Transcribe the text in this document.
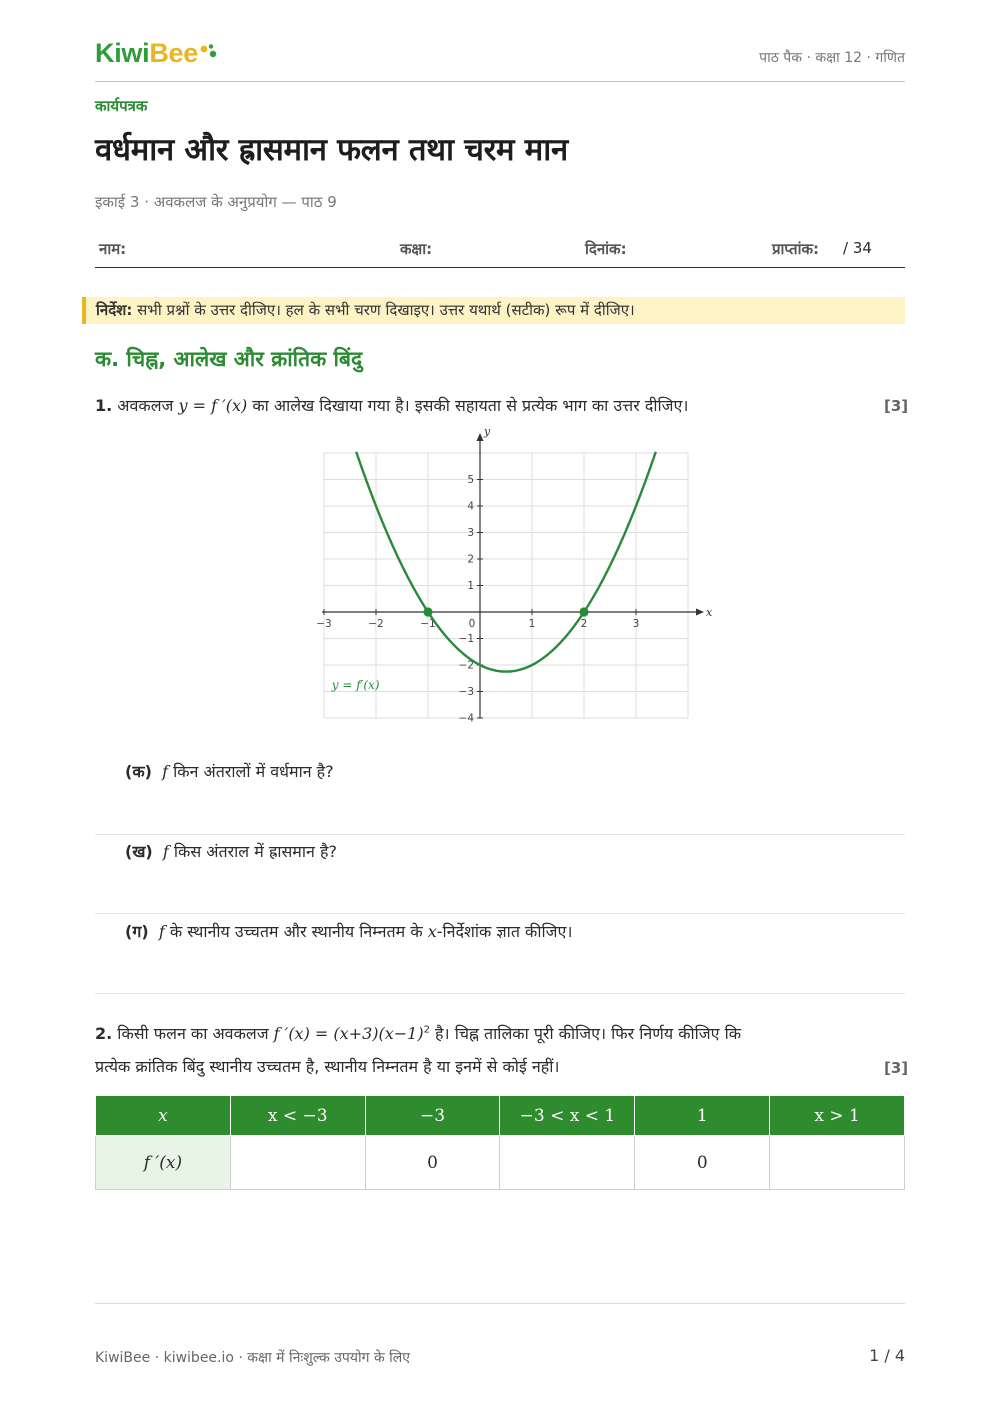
KiwiBee	पाठ पैक · कक्षा 12 · गणित
कार्यपत्रक
वर्धमान और ह्रासमान फलन तथा चरम मान
इकाई 3 · अवकलज के अनुप्रयोग — पाठ 9
नाम:	कक्षा:	दिनांक:	प्राप्तांक: / 34
निर्देश: सभी प्रश्नों के उत्तर दीजिए। हल के सभी चरण दिखाइए। उत्तर यथार्थ (सटीक) रूप में दीजिए।
क. चिह्न, आलेख और क्रांतिक बिंदु
1. अवकलज y = f ′(x) का आलेख दिखाया गया है। इसकी सहायता से प्रत्येक भाग का उत्तर दीजिए।	[3]
−3	−2	−1	0	1	2	3
5
4
3
2
1
−1
−2
−3
−4
x
y
y = f′(x)
(क) f किन अंतरालों में वर्धमान है?
(ख) f किस अंतराल में ह्रासमान है?
(ग) f के स्थानीय उच्चतम और स्थानीय निम्नतम के x-निर्देशांक ज्ञात कीजिए।
2. किसी फलन का अवकलज f $'(x) = (x+3)(x-1)^2$ है। चिह्न तालिका पूरी कीजिए। फिर निर्णय कीजिए कि
प्रत्येक क्रांतिक बिंदु स्थानीय उच्चतम है, स्थानीय निम्नतम है या इनमें से कोई नहीं।	[3]
x	x < −3	−3	−3 < x < 1	1	x > 1
f ′(x)		0		0	
KiwiBee · kiwibee.io · कक्षा में निःशुल्क उपयोग के लिए	1 / 4
